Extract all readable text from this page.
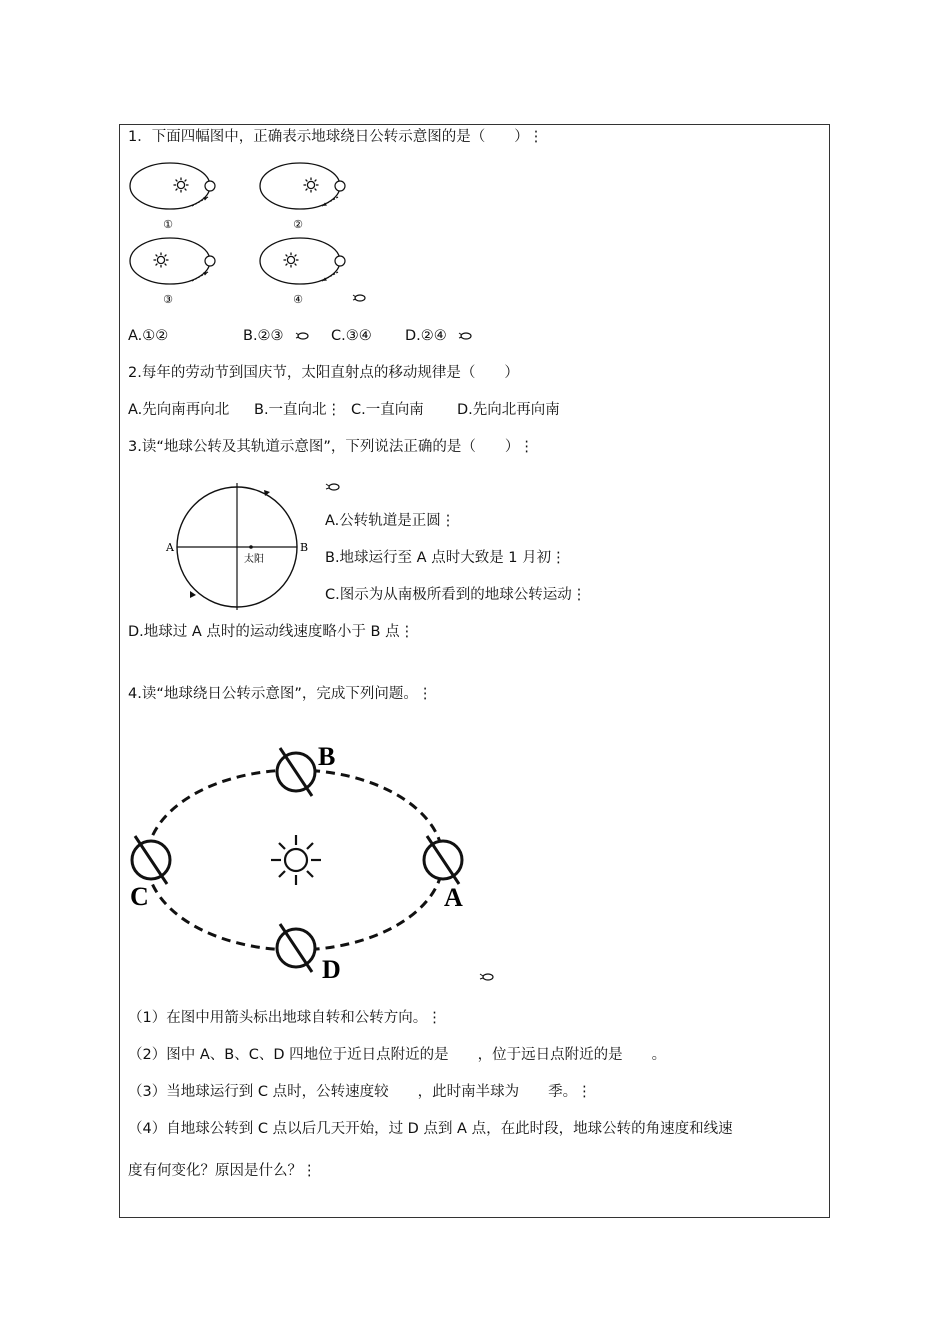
1．下面四幅图中，正确表示地球绕日公转示意图的是（　　）⋮
①	②
③	④
A.①②	B.②③	C.③④ D.②④
2.每年的劳动节到国庆节，太阳直射点的移动规律是（　　）
A.先向南再向北 B.一直向北⋮ C.一直向南 D.先向北再向南
3.读“地球公转及其轨道示意图”，下列说法正确的是（　　）⋮
A	B
太阳
A.公转轨道是正圆⋮
B.地球运行至 A 点时大致是 1 月初⋮
C.图示为从南极所看到的地球公转运动⋮
D.地球过 A 点时的运动线速度略小于 B 点⋮
4.读“地球绕日公转示意图”，完成下列问题。⋮
B
D
C	A
（1）在图中用箭头标出地球自转和公转方向。⋮
（2）图中 A、B、C、D 四地位于近日点附近的是　　，位于远日点附近的是　　。
（3）当地球运行到 C 点时，公转速度较　　，此时南半球为　　季。⋮
（4）自地球公转到 C 点以后几天开始，过 D 点到 A 点，在此时段，地球公转的角速度和线速
度有何变化？原因是什么？⋮
